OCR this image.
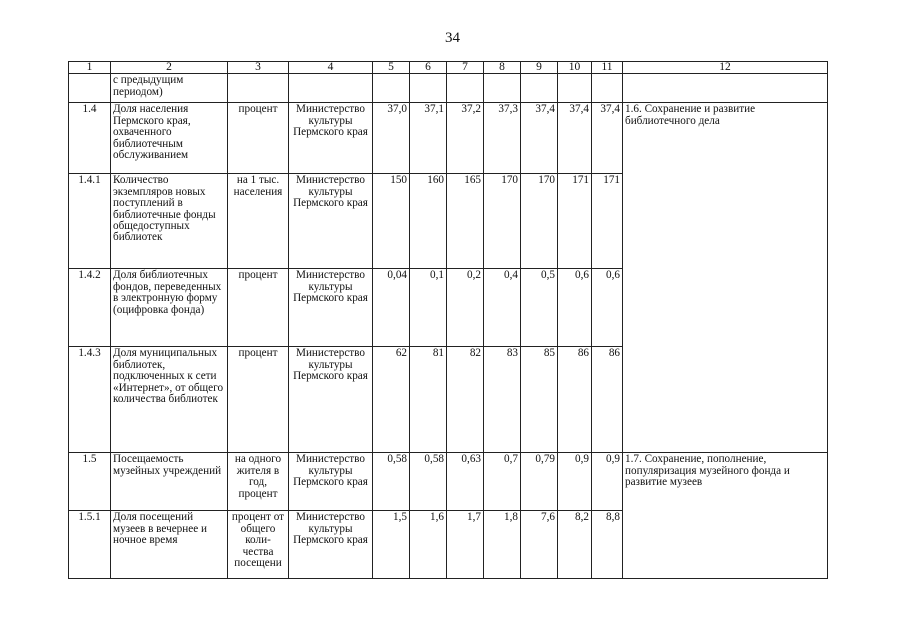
34
1	2	3	4	5	6	7	8	9	10	11	12
	с предыдущим периодом)										
1.4	Доля населения Пермского края, охваченного библиотечным обслуживанием	процент	Министерство культуры Пермского края	37,0	37,1	37,2	37,3	37,4	37,4	37,4	1.6. Сохранение и развитие библиотечного дела
1.4.1	Количество экземпляров новых поступлений в библиотечные фонды общедоступных библиотек	на 1 тыс. населения	Министерство культуры Пермского края	150	160	165	170	170	171	171	
1.4.2	Доля библиотечных фондов, переведенных в электронную форму (оцифровка фонда)	процент	Министерство культуры Пермского края	0,04	0,1	0,2	0,4	0,5	0,6	0,6	
1.4.3	Доля муниципальных библиотек, подключенных к сети «Интернет», от общего количества библиотек	процент	Министерство культуры Пермского края	62	81	82	83	85	86	86	
1.5	Посещаемость музейных учреждений	на одного жителя в год, процент	Министерство культуры Пермского края	0,58	0,58	0,63	0,7	0,79	0,9	0,9	1.7. Сохранение, пополнение, популяризация музейного фонда и развитие музеев
1.5.1	Доля посещений музеев в вечернее и ночное время	процент от общего коли-чества посещени	Министерство культуры Пермского края	1,5	1,6	1,7	1,8	7,6	8,2	8,8	
